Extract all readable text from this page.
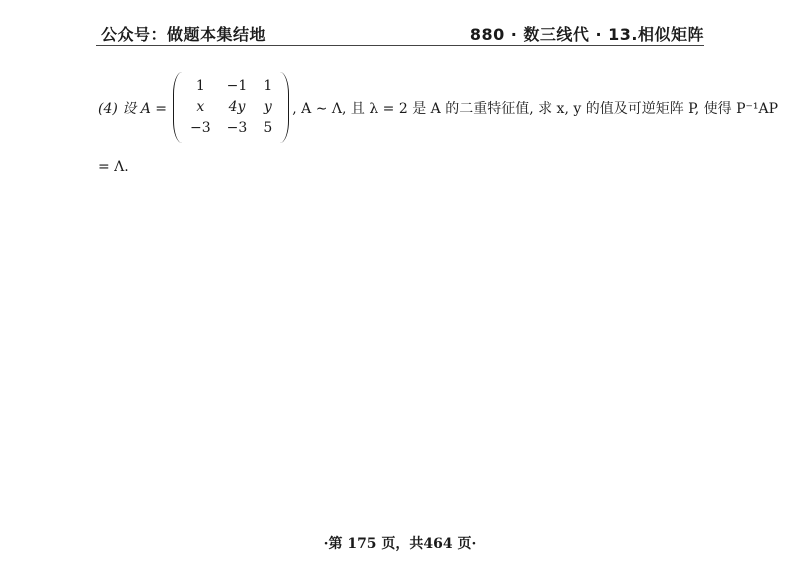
公众号：做题本集结地	880 · 数三线代 · 13.相似矩阵
(4) 设 A =
1	−1	1
x	4y	y
−3	−3	5
, A ∼ Λ, 且 λ = 2 是 A 的二重特征值, 求 x, y 的值及可逆矩阵 P, 使得 P⁻¹AP
= Λ.
·第 175 页，共464 页·
